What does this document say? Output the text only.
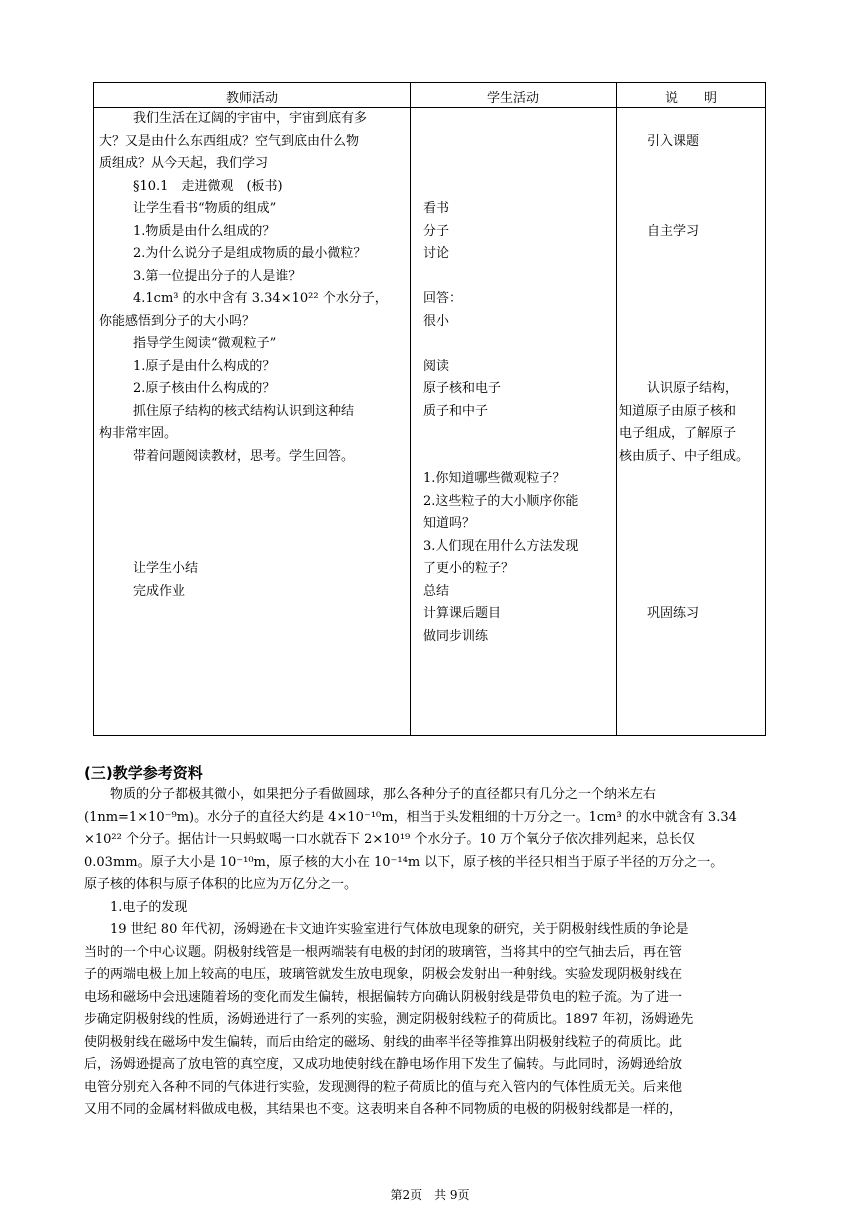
教师活动	学生活动	说　　明
我们生活在辽阔的宇宙中，宇宙到底有多
大？又是由什么东西组成？空气到底由什么物
质组成？从今天起，我们学习
§10.1　走进微观　(板书)
让学生看书“物质的组成”
1.物质是由什么组成的？
2.为什么说分子是组成物质的最小微粒？
3.第一位提出分子的人是谁？
4.1cm³ 的水中含有 3.34×10²² 个水分子，
你能感悟到分子的大小吗？
指导学生阅读“微观粒子”
1.原子是由什么构成的？
2.原子核由什么构成的？
抓住原子结构的核式结构认识到这种结
构非常牢固。
带着问题阅读教材，思考。学生回答。
让学生小结
完成作业
看书
分子
讨论
回答：
很小
阅读
原子核和电子
质子和中子
1.你知道哪些微观粒子？
2.这些粒子的大小顺序你能
知道吗？
3.人们现在用什么方法发现
了更小的粒子？
总结
计算课后题目
做同步训练
引入课题
自主学习
认识原子结构，
知道原子由原子核和
电子组成，了解原子
核由质子、中子组成。
巩固练习
(三)教学参考资料
物质的分子都极其微小，如果把分子看做圆球，那么各种分子的直径都只有几分之一个纳米左右
(1nm=1×10⁻⁹m)。水分子的直径大约是 4×10⁻¹⁰m，相当于头发粗细的十万分之一。1cm³ 的水中就含有 3.34
×10²² 个分子。据估计一只蚂蚁喝一口水就吞下 2×10¹⁹ 个水分子。10 万个氧分子依次排列起来，总长仅
0.03mm。原子大小是 10⁻¹⁰m，原子核的大小在 10⁻¹⁴m 以下，原子核的半径只相当于原子半径的万分之一。
原子核的体积与原子体积的比应为万亿分之一。
1.电子的发现
19 世纪 80 年代初，汤姆逊在卡文迪许实验室进行气体放电现象的研究，关于阴极射线性质的争论是
当时的一个中心议题。阴极射线管是一根两端装有电极的封闭的玻璃管，当将其中的空气抽去后，再在管
子的两端电极上加上较高的电压，玻璃管就发生放电现象，阴极会发射出一种射线。实验发现阴极射线在
电场和磁场中会迅速随着场的变化而发生偏转，根据偏转方向确认阴极射线是带负电的粒子流。为了进一
步确定阴极射线的性质，汤姆逊进行了一系列的实验，测定阴极射线粒子的荷质比。1897 年初，汤姆逊先
使阴极射线在磁场中发生偏转，而后由给定的磁场、射线的曲率半径等推算出阴极射线粒子的荷质比。此
后，汤姆逊提高了放电管的真空度，又成功地使射线在静电场作用下发生了偏转。与此同时，汤姆逊给放
电管分别充入各种不同的气体进行实验，发现测得的粒子荷质比的值与充入管内的气体性质无关。后来他
又用不同的金属材料做成电极，其结果也不变。这表明来自各种不同物质的电极的阴极射线都是一样的，
第2页　共 9页
